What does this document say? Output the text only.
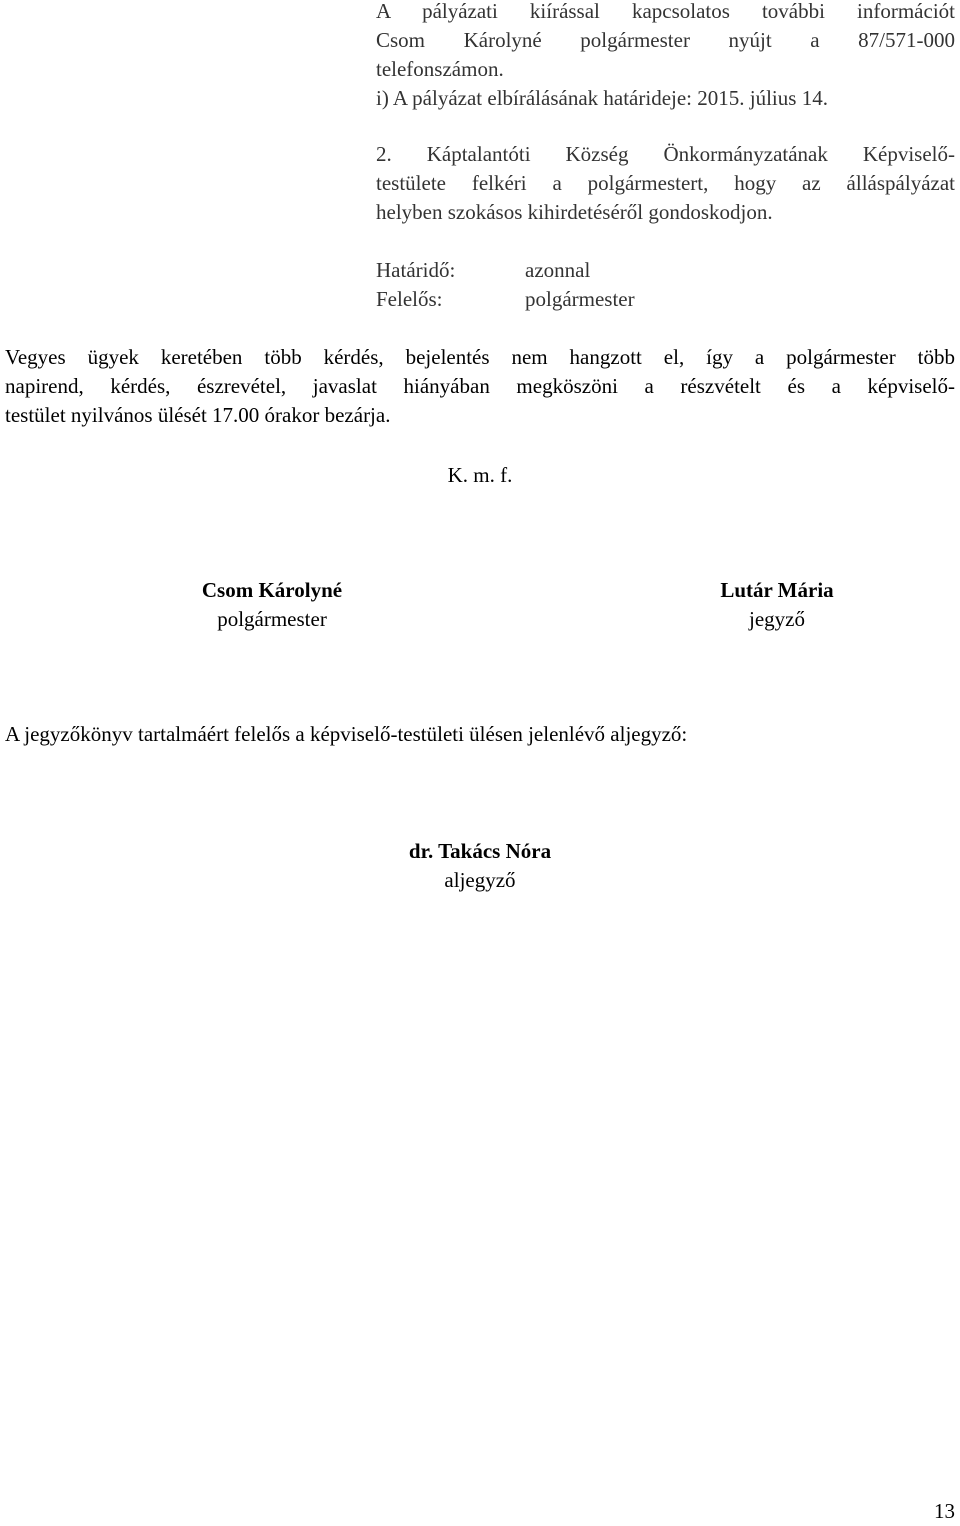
A pályázati kiírással kapcsolatos további információt
Csom Károlyné polgármester nyújt a 87/571-000
telefonszámon.
i) A pályázat elbírálásának határideje: 2015. július 14.
2. Káptalantóti Község Önkormányzatának Képviselő-
testülete felkéri a polgármestert, hogy az álláspályázat
helyben szokásos kihirdetéséről gondoskodjon.
Határidő:	azonnal
Felelős:	polgármester
Vegyes ügyek keretében több kérdés, bejelentés nem hangzott el, így a polgármester több
napirend, kérdés, észrevétel, javaslat hiányában megköszöni a részvételt és a képviselő-
testület nyilvános ülését 17.00 órakor bezárja.
K. m. f.
Csom Károlyné
polgármester
Lutár Mária
jegyző
A jegyzőkönyv tartalmáért felelős a képviselő-testületi ülésen jelenlévő aljegyző:
dr. Takács Nóra
aljegyző
13
